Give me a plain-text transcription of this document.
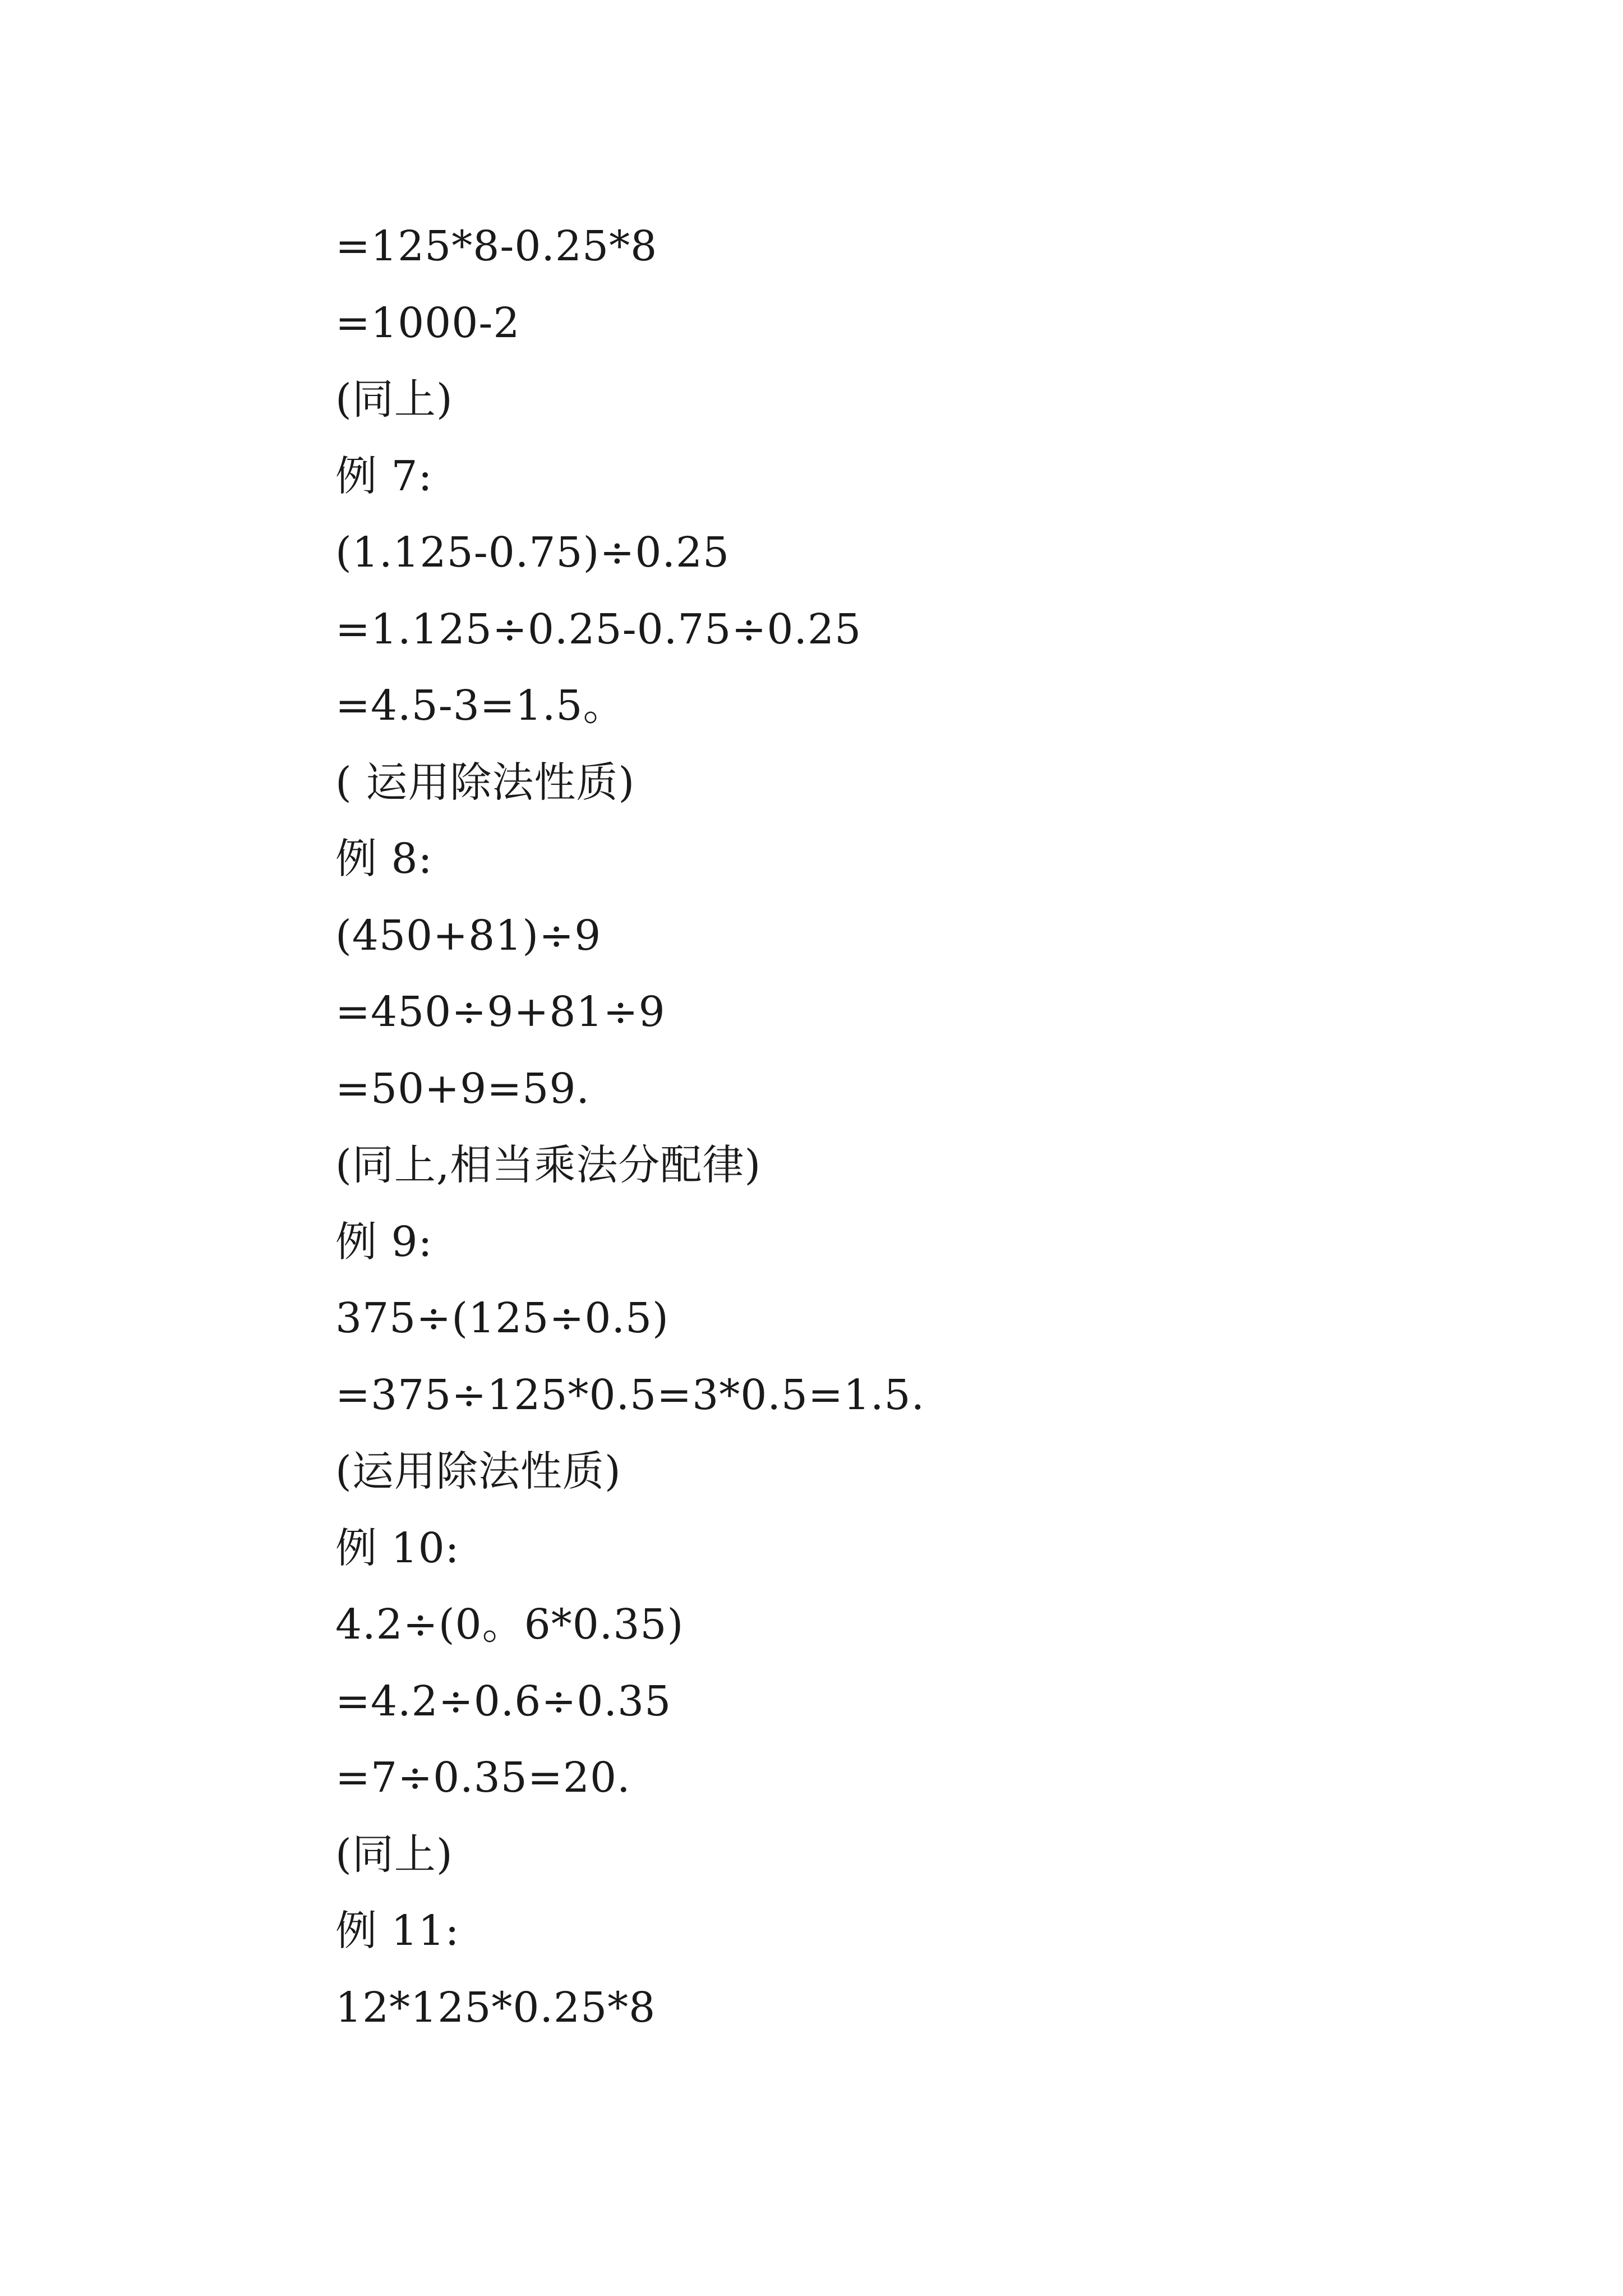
=125*8-0.25*8
=1000-2
(同上)
例 7:
(1.125-0.75)÷0.25
=1.125÷0.25-0.75÷0.25
=4.5-3=1.5。
( 运用除法性质)
例 8:
(450+81)÷9
=450÷9+81÷9
=50+9=59.
(同上,相当乘法分配律)
例 9:
375÷(125÷0.5)
=375÷125*0.5=3*0.5=1.5.
(运用除法性质)
例 10:
4.2÷(0。6*0.35)
=4.2÷0.6÷0.35
=7÷0.35=20.
(同上)
例 11:
12*125*0.25*8
